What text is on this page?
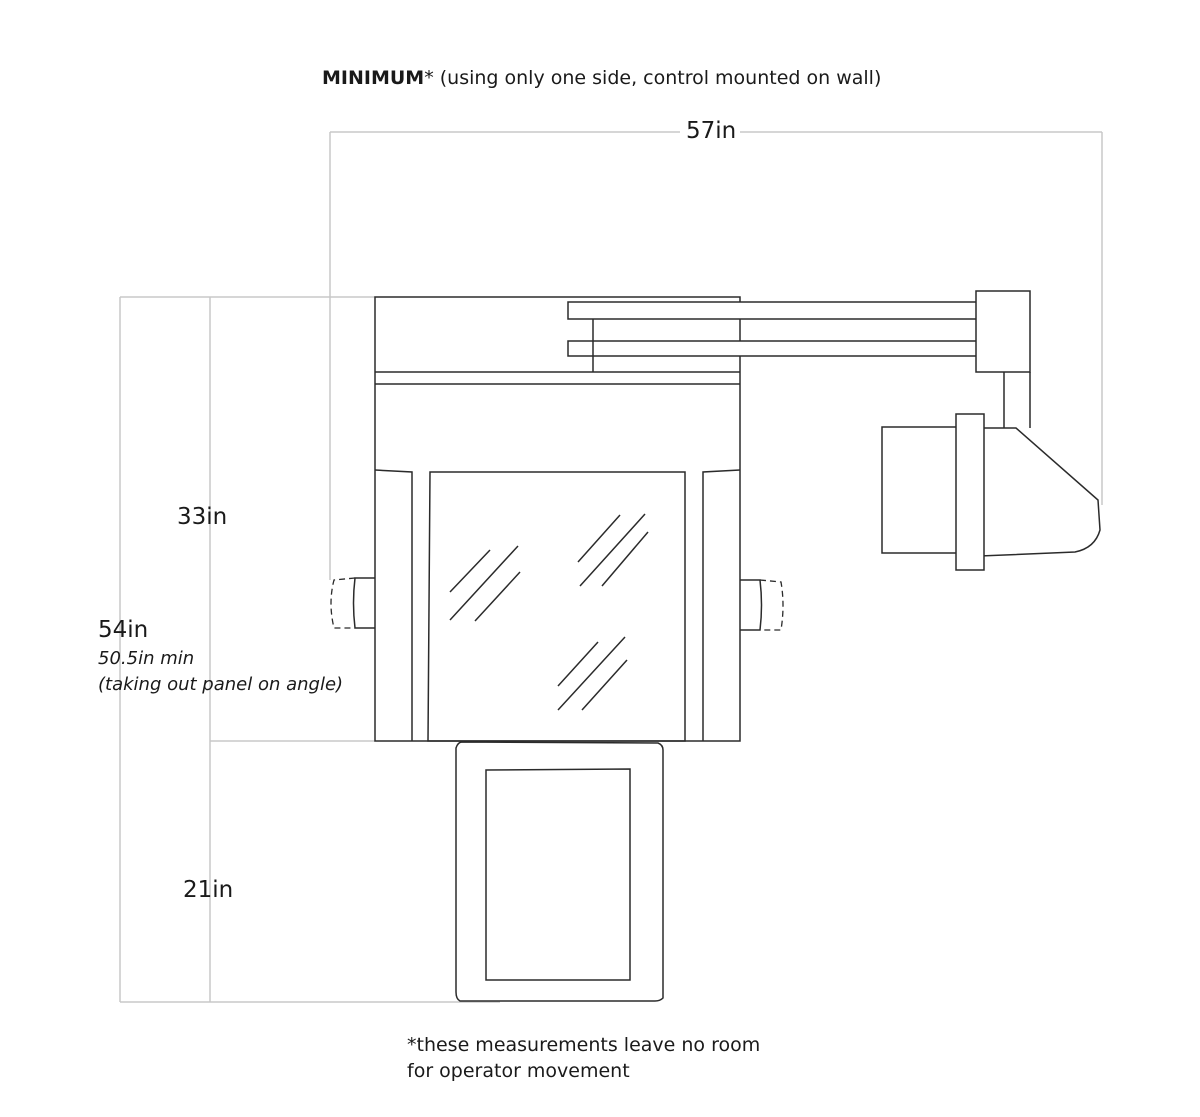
MINIMUM* (using only one side, control mounted on wall)
57in
33in
54in
50.5in min
(taking out panel on angle)
21in
*these measurements leave no room
for operator movement
